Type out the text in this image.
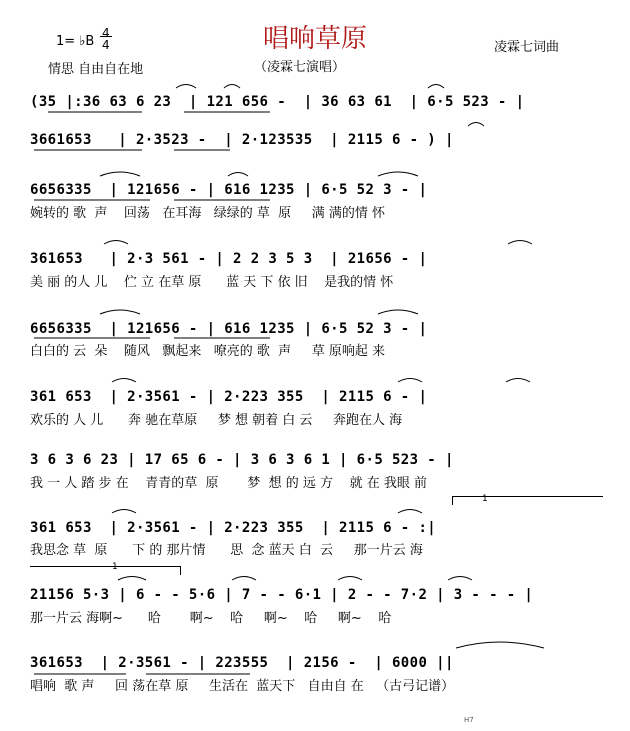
唱响草原
1= ♭B
4
4
情思 自由自在地
凌霖七词曲
（凌霖七演唱）
(35 |:36 63 6 23  | 121 656 -  | 36 63 61  | 6·5 523 - |
3661653   | 2·3523 -  | 2·123535  | 2115 6 - ) |
6656335  | 121656 - | 616 1235 | 6·5 52 3 - |
婉转的 歌  声    回荡   在耳海   绿绿的 草  原     满 满的情 怀
361653   | 2·3 561 - | 2 2 3 5 3  | 21656 - |
美 丽 的人 儿    伫 立 在草 原      蓝 天 下 依 旧    是我的情 怀
6656335  | 121656 - | 616 1235 | 6·5 52 3 - |
白白的 云  朵    随风   飘起来   嘹亮的 歌  声     草 原响起 来
361 653  | 2·3561 - | 2·223 355  | 2115 6 - |
欢乐的 人 儿      奔 驰在草原     梦 想 朝着 白 云     奔跑在人 海
3 6 3 6 23 | 17 65 6 - | 3 6 3 6 1 | 6·5 523 - |
我 一 人 踏 步 在    青青的草  原       梦  想 的 远 方    就 在 我眼 前
361 653  | 2·3561 - | 2·223 355  | 2115 6 - :|
我思念 草  原      下 的 那片情      思  念 蓝天 白  云     那一片云 海
21156 5·3 | 6 - - 5·6 | 7 - - 6·1 | 2 - - 7·2 | 3 - - - |
那一片云 海啊~      哈       啊~    哈     啊~    哈     啊~    哈
361653  | 2·3561 - | 223555  | 2156 -  | 6000 ||
唱响  歌 声     回 荡在草 原     生活在  蓝天下   自由自 在   （古弓记谱）
1
1
H7
